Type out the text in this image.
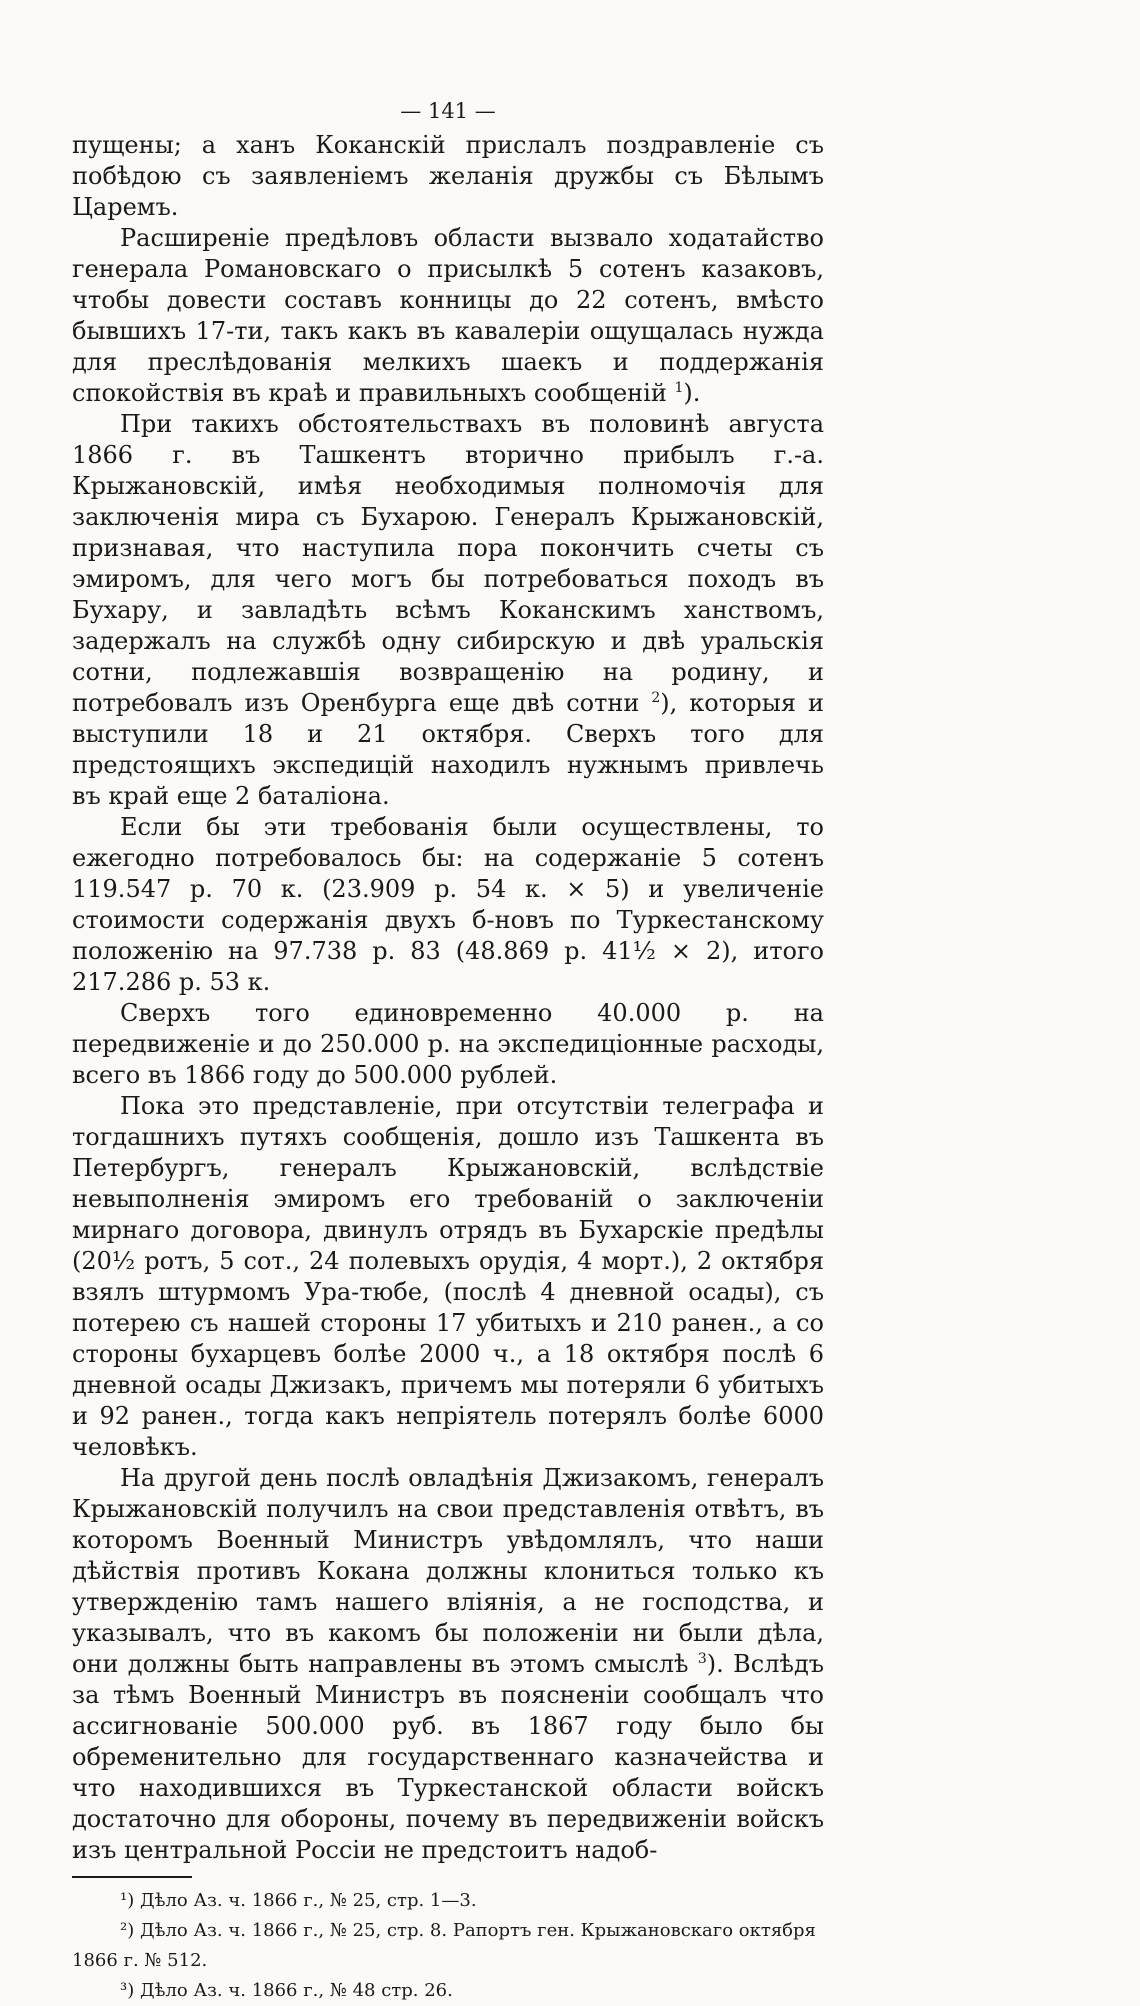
— 141 —

пущены; а ханъ Коканскій прислалъ поздравленіе съ побѣдою съ заявленіемъ желанія дружбы съ Бѣлымъ Царемъ.

Расширеніе предѣловъ области вызвало ходатайство генерала Романовскаго о присылкѣ 5 сотенъ казаковъ, чтобы довести составъ конницы до 22 сотенъ, вмѣсто бывшихъ 17-ти, такъ какъ въ кавалеріи ощущалась нужда для преслѣдованія мелкихъ шаекъ и поддержанія спокойствія въ краѣ и правильныхъ сообщеній $^1$).

При такихъ обстоятельствахъ въ половинѣ августа 1866 г. въ Ташкентъ вторично прибылъ г.-а. Крыжановскій, имѣя необходимыя полномочія для заключенія мира съ Бухарою. Генералъ Крыжановскій, признавая, что наступила пора покончить счеты съ эмиромъ, для чего могъ бы потребоваться походъ въ Бухару, и завладѣть всѣмъ Коканскимъ ханствомъ, задержалъ на службѣ одну сибирскую и двѣ уральскія сотни, подлежавшія возвращенію на родину, и потребовалъ изъ Оренбурга еще двѣ сотни $^2$), которыя и выступили 18 и 21 октября. Сверхъ того для предстоящихъ экспедицій находилъ нужнымъ привлечь въ край еще 2 баталіона.

Если бы эти требованія были осуществлены, то ежегодно потребовалось бы: на содержаніе 5 сотенъ 119.547 р. 70 к. (23.909 р. 54 к. × 5) и увеличеніе стоимости содержанія двухъ б-новъ по Туркестанскому положенію на 97.738 р. 83 (48.869 р. 41½ × 2), итого 217.286 р. 53 к.

Сверхъ того единовременно 40.000 р. на передвиженіе и до 250.000 р. на экспедиціонные расходы, всего въ 1866 году до 500.000 рублей.

Пока это представленіе, при отсутствіи телеграфа и тогдашнихъ путяхъ сообщенія, дошло изъ Ташкента въ Петербургъ, генералъ Крыжановскій, вслѣдствіе невыполненія эмиромъ его требованій о заключеніи мирнаго договора, двинулъ отрядъ въ Бухарскіе предѣлы (20½ ротъ, 5 сот., 24 полевыхъ орудія, 4 морт.), 2 октября взялъ штурмомъ Ура-тюбе, (послѣ 4 дневной осады), съ потерею съ нашей стороны 17 убитыхъ и 210 ранен., а со стороны бухарцевъ болѣе 2000 ч., а 18 октября послѣ 6 дневной осады Джизакъ, причемъ мы потеряли 6 убитыхъ и 92 ранен., тогда какъ непріятель потерялъ болѣе 6000 человѣкъ.

На другой день послѣ овладѣнія Джизакомъ, генералъ Крыжановскій получилъ на свои представленія отвѣтъ, въ которомъ Военный Министръ увѣдомлялъ, что наши дѣйствія противъ Кокана должны клониться только къ утвержденію тамъ нашего вліянія, а не господства, и указывалъ, что въ какомъ бы положеніи ни были дѣла, они должны быть направлены въ этомъ смыслѣ $^3$). Вслѣдъ за тѣмъ Военный Министръ въ поясненіи сообщалъ что ассигнованіе 500.000 руб. въ 1867 году было бы обременительно для государственнаго казначейства и что находившихся въ Туркестанской области войскъ достаточно для обороны, почему въ передвиженіи войскъ изъ центральной Россіи не предстоитъ надоб-

¹) Дѣло Аз. ч. 1866 г., № 25, стр. 1—3.

²) Дѣло Аз. ч. 1866 г., № 25, стр. 8. Рапортъ ген. Крыжановскаго октября 1866 г. № 512.

³) Дѣло Аз. ч. 1866 г., № 48 стр. 26.
